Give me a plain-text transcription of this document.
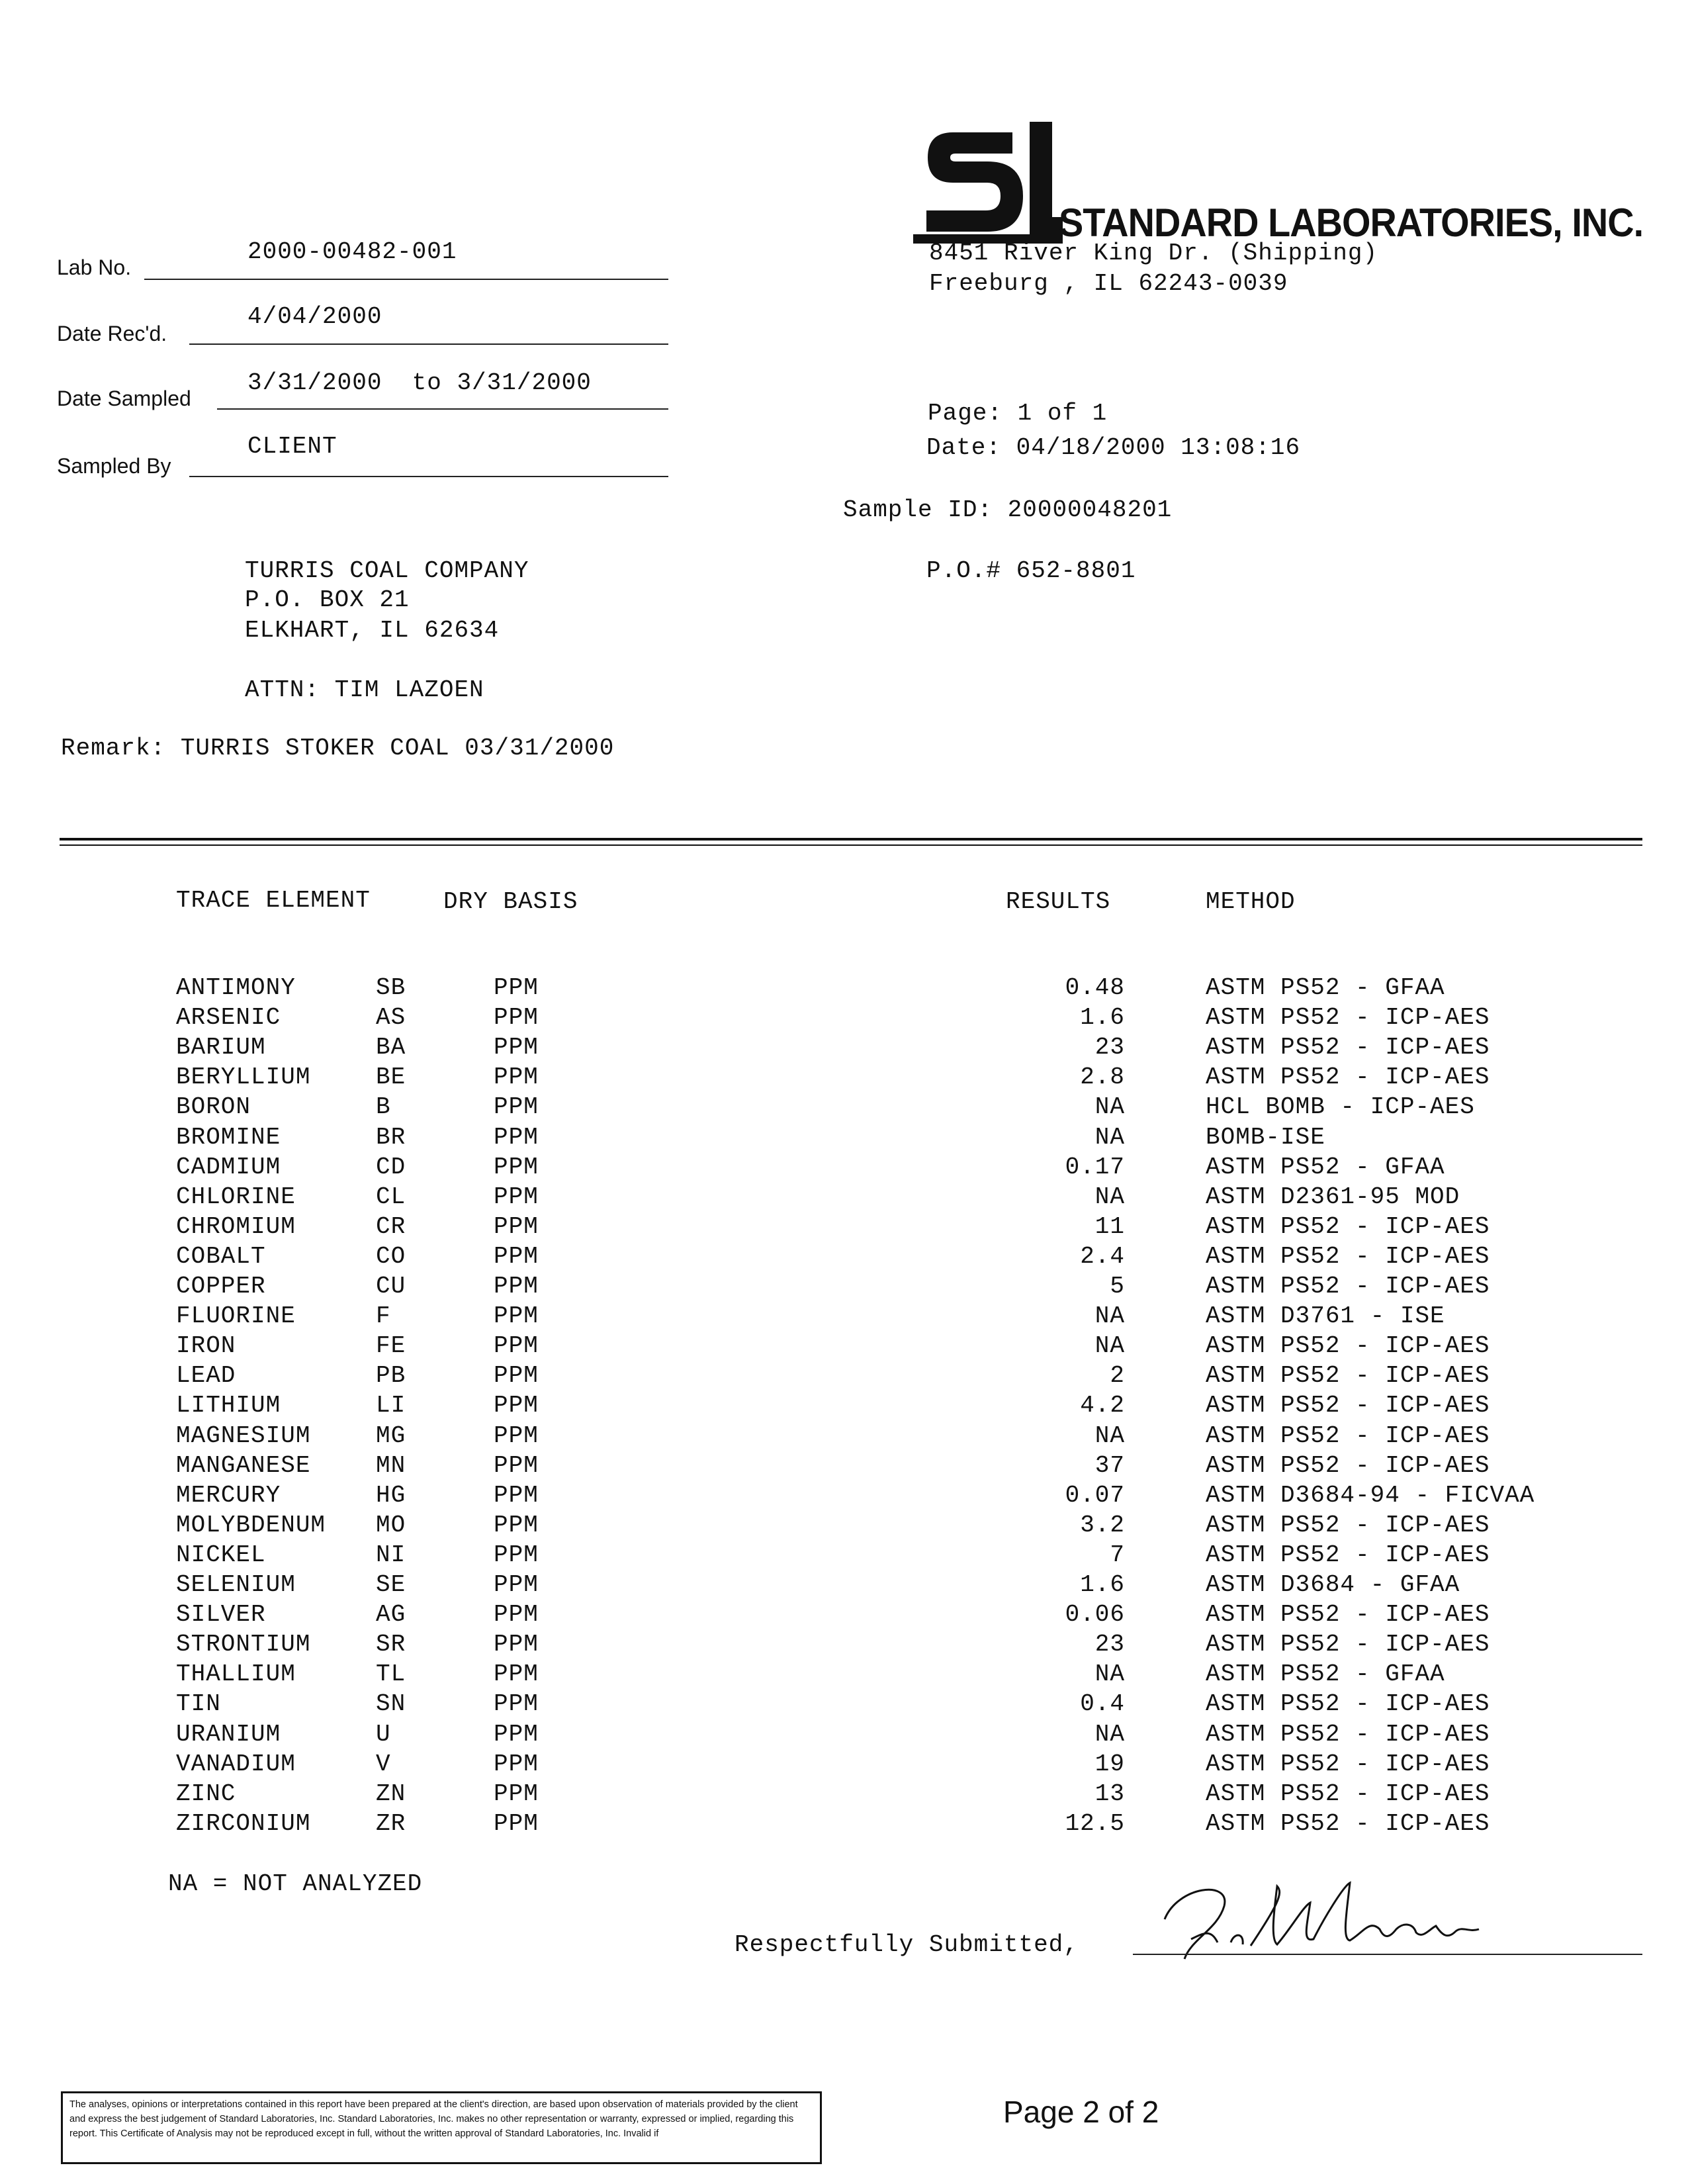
Lab No.
2000-00482-001
Date Rec'd.
4/04/2000
Date Sampled
3/31/2000  to 3/31/2000
Sampled By
CLIENT
STANDARD LABORATORIES, INC.
8451 River King Dr. (Shipping)
Freeburg , IL 62243-0039
Page: 1 of 1
Date: 04/18/2000 13:08:16
Sample ID: 20000048201
P.O.# 652-8801
TURRIS COAL COMPANY
P.O. BOX 21
ELKHART, IL 62634
ATTN: TIM LAZOEN
Remark: TURRIS STOKER COAL 03/31/2000
TRACE ELEMENT	DRY BASIS	RESULTS	METHOD
ANTIMONY	SB	PPM	0.48	ASTM PS52 - GFAA
ARSENIC	AS	PPM	1.6	ASTM PS52 - ICP-AES
BARIUM	BA	PPM	23	ASTM PS52 - ICP-AES
BERYLLIUM	BE	PPM	2.8	ASTM PS52 - ICP-AES
BORON	B	PPM	NA	HCL BOMB - ICP-AES
BROMINE	BR	PPM	NA	BOMB-ISE
CADMIUM	CD	PPM	0.17	ASTM PS52 - GFAA
CHLORINE	CL	PPM	NA	ASTM D2361-95 MOD
CHROMIUM	CR	PPM	11	ASTM PS52 - ICP-AES
COBALT	CO	PPM	2.4	ASTM PS52 - ICP-AES
COPPER	CU	PPM	5	ASTM PS52 - ICP-AES
FLUORINE	F	PPM	NA	ASTM D3761 - ISE
IRON	FE	PPM	NA	ASTM PS52 - ICP-AES
LEAD	PB	PPM	2	ASTM PS52 - ICP-AES
LITHIUM	LI	PPM	4.2	ASTM PS52 - ICP-AES
MAGNESIUM	MG	PPM	NA	ASTM PS52 - ICP-AES
MANGANESE	MN	PPM	37	ASTM PS52 - ICP-AES
MERCURY	HG	PPM	0.07	ASTM D3684-94 - FICVAA
MOLYBDENUM MO	PPM	3.2	ASTM PS52 - ICP-AES
NICKEL	NI	PPM	7	ASTM PS52 - ICP-AES
SELENIUM	SE	PPM	1.6	ASTM D3684 - GFAA
SILVER	AG	PPM	0.06	ASTM PS52 - ICP-AES
STRONTIUM	SR	PPM	23	ASTM PS52 - ICP-AES
THALLIUM	TL	PPM	NA	ASTM PS52 - GFAA
TIN	SN	PPM	0.4	ASTM PS52 - ICP-AES
URANIUM	U	PPM	NA	ASTM PS52 - ICP-AES
VANADIUM	V	PPM	19	ASTM PS52 - ICP-AES
ZINC	ZN	PPM	13	ASTM PS52 - ICP-AES
ZIRCONIUM	ZR	PPM	12.5	ASTM PS52 - ICP-AES
NA = NOT ANALYZED
Respectfully Submitted,
The analyses, opinions or interpretations contained in this report have been prepared at the client's direction, are based upon observation of materials provided by the client and express the best judgement of Standard Laboratories, Inc. Standard Laboratories, Inc. makes no other representation or warranty, expressed or implied, regarding this report. This Certificate of Analysis may not be reproduced except in full, without the written approval of Standard Laboratories, Inc. Invalid if
Page 2 of 2
